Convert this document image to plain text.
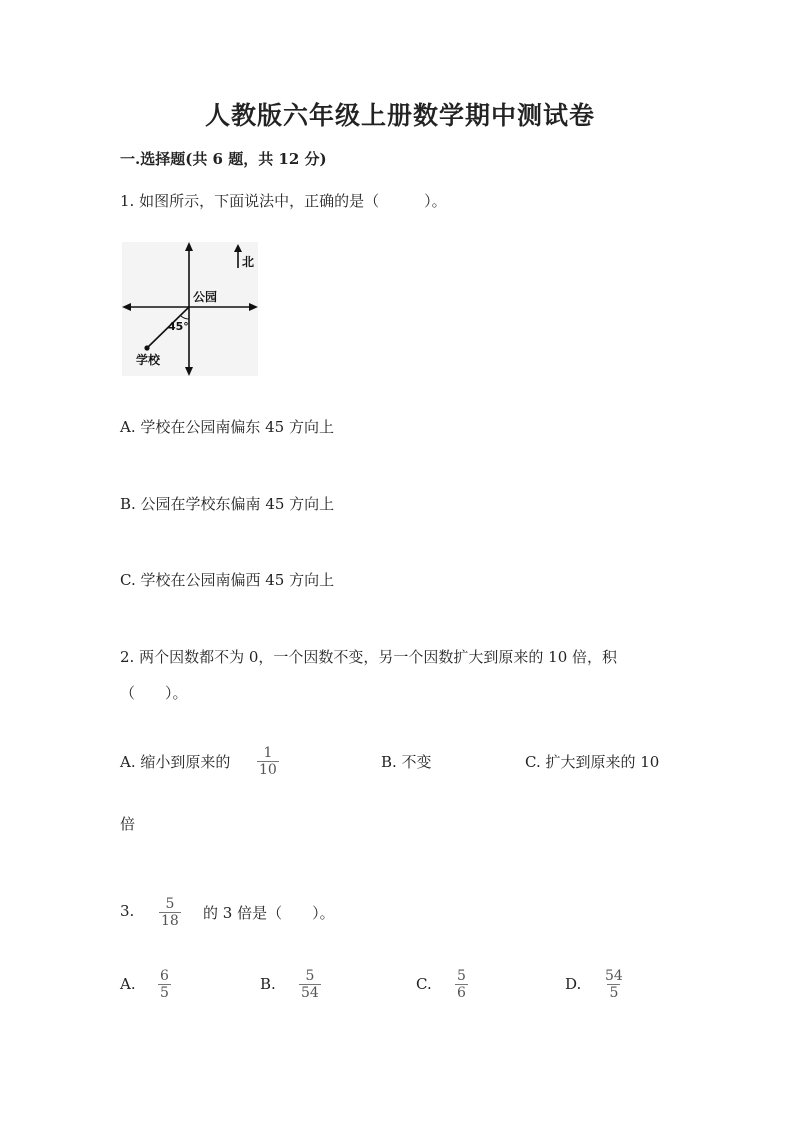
人教版六年级上册数学期中测试卷
一.选择题(共 6 题，共 12 分)
1. 如图所示，下面说法中，正确的是（　　　）。
北
公园
45°
学校
A. 学校在公园南偏东 45 方向上
B. 公园在学校东偏南 45 方向上
C. 学校在公园南偏西 45 方向上
2. 两个因数都不为 0，一个因数不变，另一个因数扩大到原来的 10 倍，积
（　　）。
A. 缩小到原来的 $\frac{1}{10}$	B. 不变	C. 扩大到原来的 10
倍
3. $\frac{5}{18}$ 的 3 倍是（　　）。
A. $\frac{6}{5}$	B. $\frac{5}{54}$	C. $\frac{5}{6}$	D. $\frac{54}{5}$
